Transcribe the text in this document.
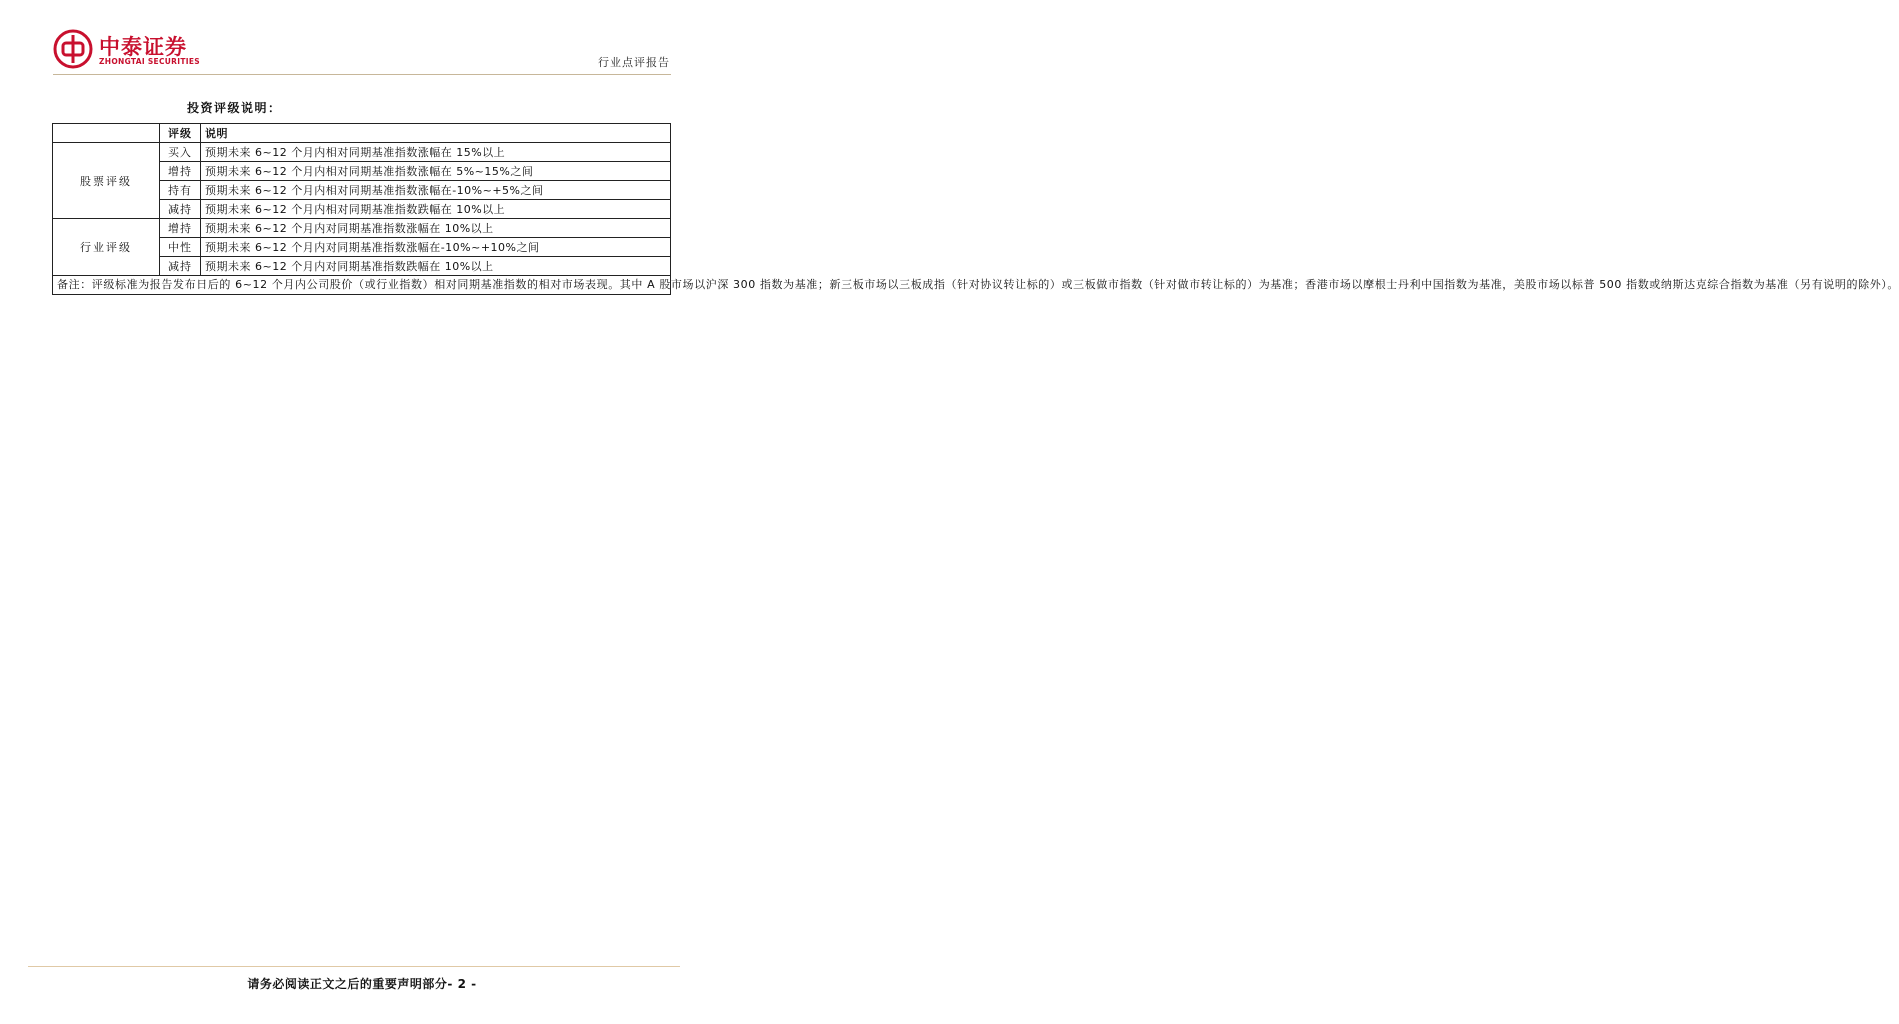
中泰证券
ZHONGTAI SECURITIES	行业点评报告
投资评级说明：
	评级	说明
股票评级	买入	预期未来 6~12 个月内相对同期基准指数涨幅在 15%以上
	增持	预期未来 6~12 个月内相对同期基准指数涨幅在 5%~15%之间
	持有	预期未来 6~12 个月内相对同期基准指数涨幅在-10%~+5%之间
	减持	预期未来 6~12 个月内相对同期基准指数跌幅在 10%以上
行业评级	增持	预期未来 6~12 个月内对同期基准指数涨幅在 10%以上
	中性	预期未来 6~12 个月内对同期基准指数涨幅在-10%~+10%之间
	减持	预期未来 6~12 个月内对同期基准指数跌幅在 10%以上
备注：评级标准为报告发布日后的 6~12 个月内公司股价（或行业指数）相对同期基准指数的相对市场表现。其中 A 股市场以沪深 300 指数为基准；新三板市场以三板成指（针对协议转让标的）或三板做市指数（针对做市转让标的）为基准；香港市场以摩根士丹利中国指数为基准，美股市场以标普 500 指数或纳斯达克综合指数为基准（另有说明的除外）。		
请务必阅读正文之后的重要声明部分- 2 -
